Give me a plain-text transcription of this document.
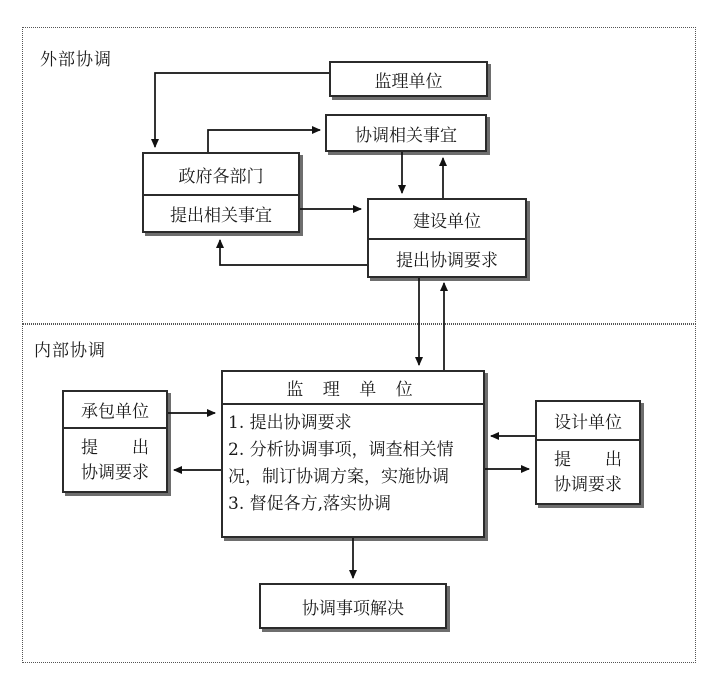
外部协调
内部协调
监理单位
协调相关事宜
政府各部门
提出相关事宜	建设单位
提出协调要求
承包单位
提　　出
协调要求
监 理 单 位
1. 提出协调要求
2. 分析协调事项，调查相关情
况，制订协调方案，实施协调
3. 督促各方,落实协调
设计单位
提　　出
协调要求
协调事项解决
